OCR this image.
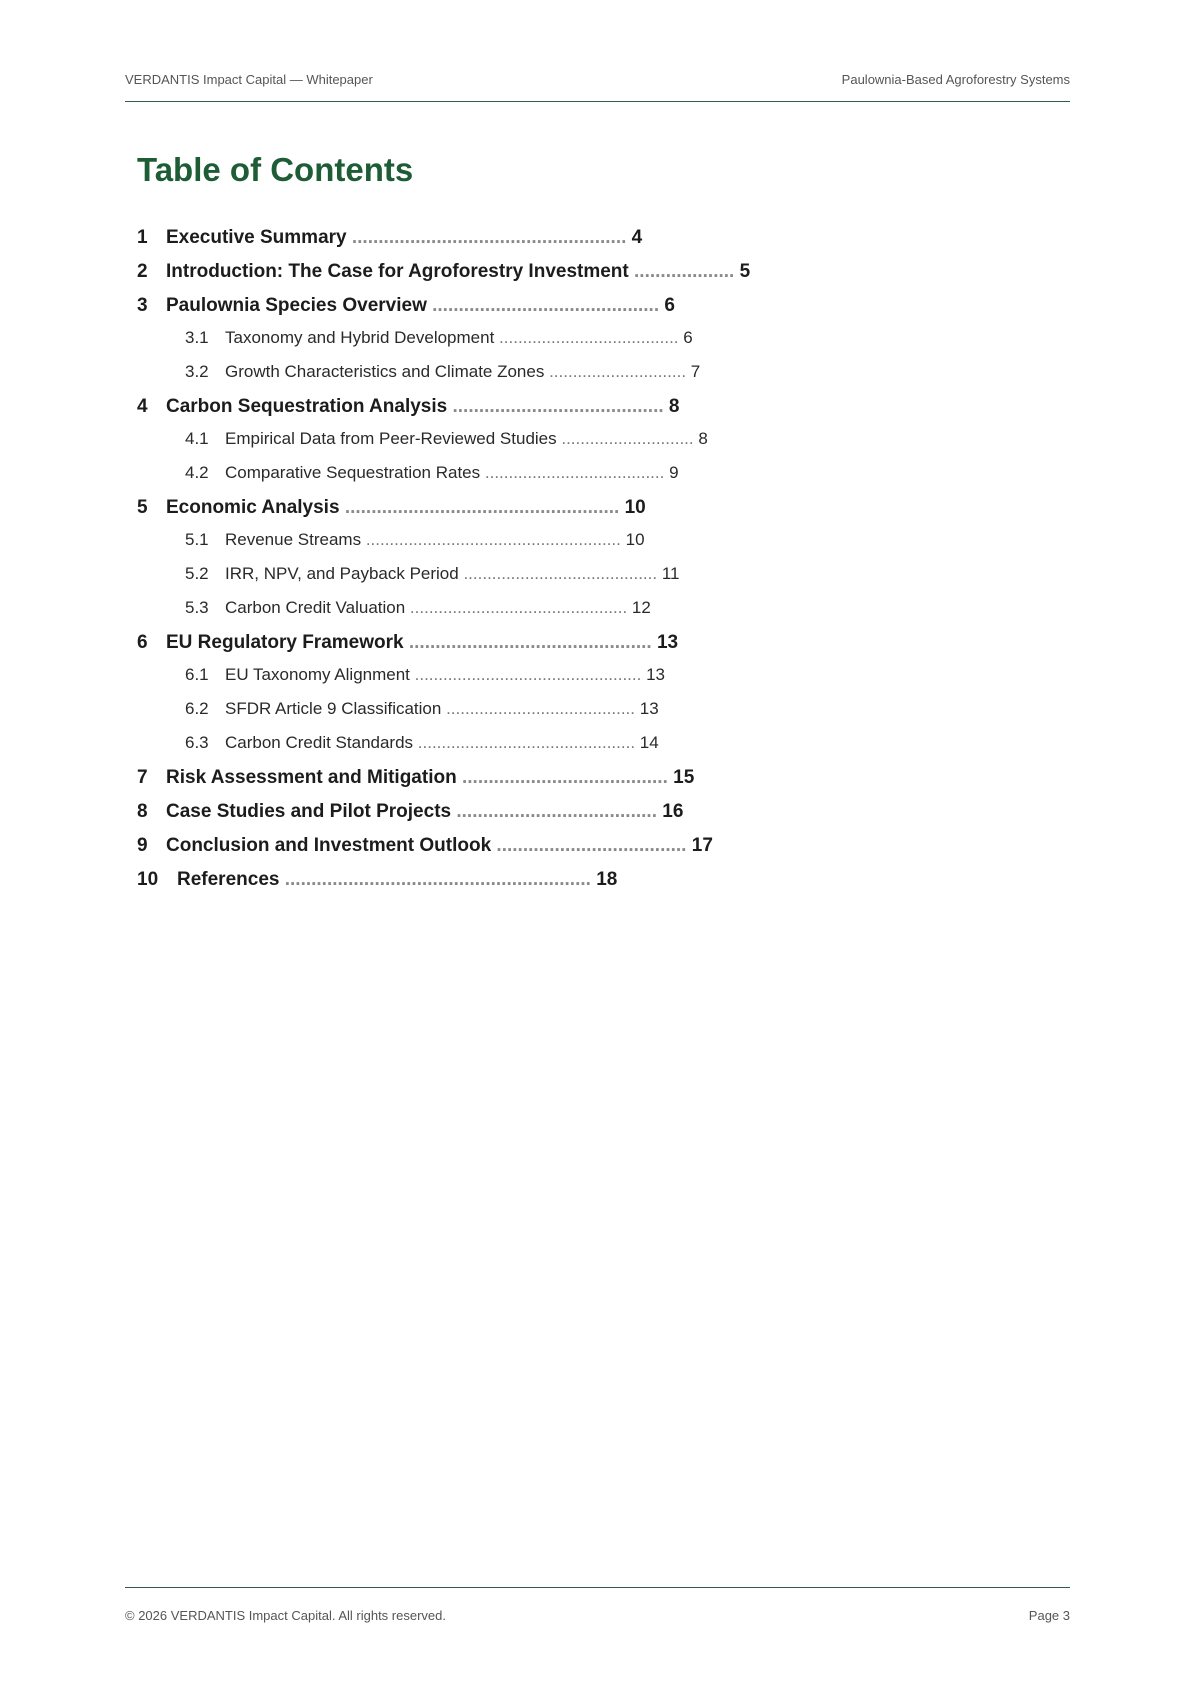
VERDANTIS Impact Capital — Whitepaper	Paulownia-Based Agroforestry Systems
Table of Contents
1 Executive Summary .................................................... 4
2 Introduction: The Case for Agroforestry Investment ................... 5
3 Paulownia Species Overview ........................................... 6
3.1 Taxonomy and Hybrid Development ...................................... 6
3.2 Growth Characteristics and Climate Zones ............................. 7
4 Carbon Sequestration Analysis ........................................ 8
4.1 Empirical Data from Peer-Reviewed Studies ............................ 8
4.2 Comparative Sequestration Rates ...................................... 9
5 Economic Analysis .................................................... 10
5.1 Revenue Streams ...................................................... 10
5.2 IRR, NPV, and Payback Period ......................................... 11
5.3 Carbon Credit Valuation .............................................. 12
6 EU Regulatory Framework .............................................. 13
6.1 EU Taxonomy Alignment ................................................ 13
6.2 SFDR Article 9 Classification ........................................ 13
6.3 Carbon Credit Standards .............................................. 14
7 Risk Assessment and Mitigation ....................................... 15
8 Case Studies and Pilot Projects ...................................... 16
9 Conclusion and Investment Outlook .................................... 17
10 References .......................................................... 18
© 2026 VERDANTIS Impact Capital. All rights reserved.	Page 3
